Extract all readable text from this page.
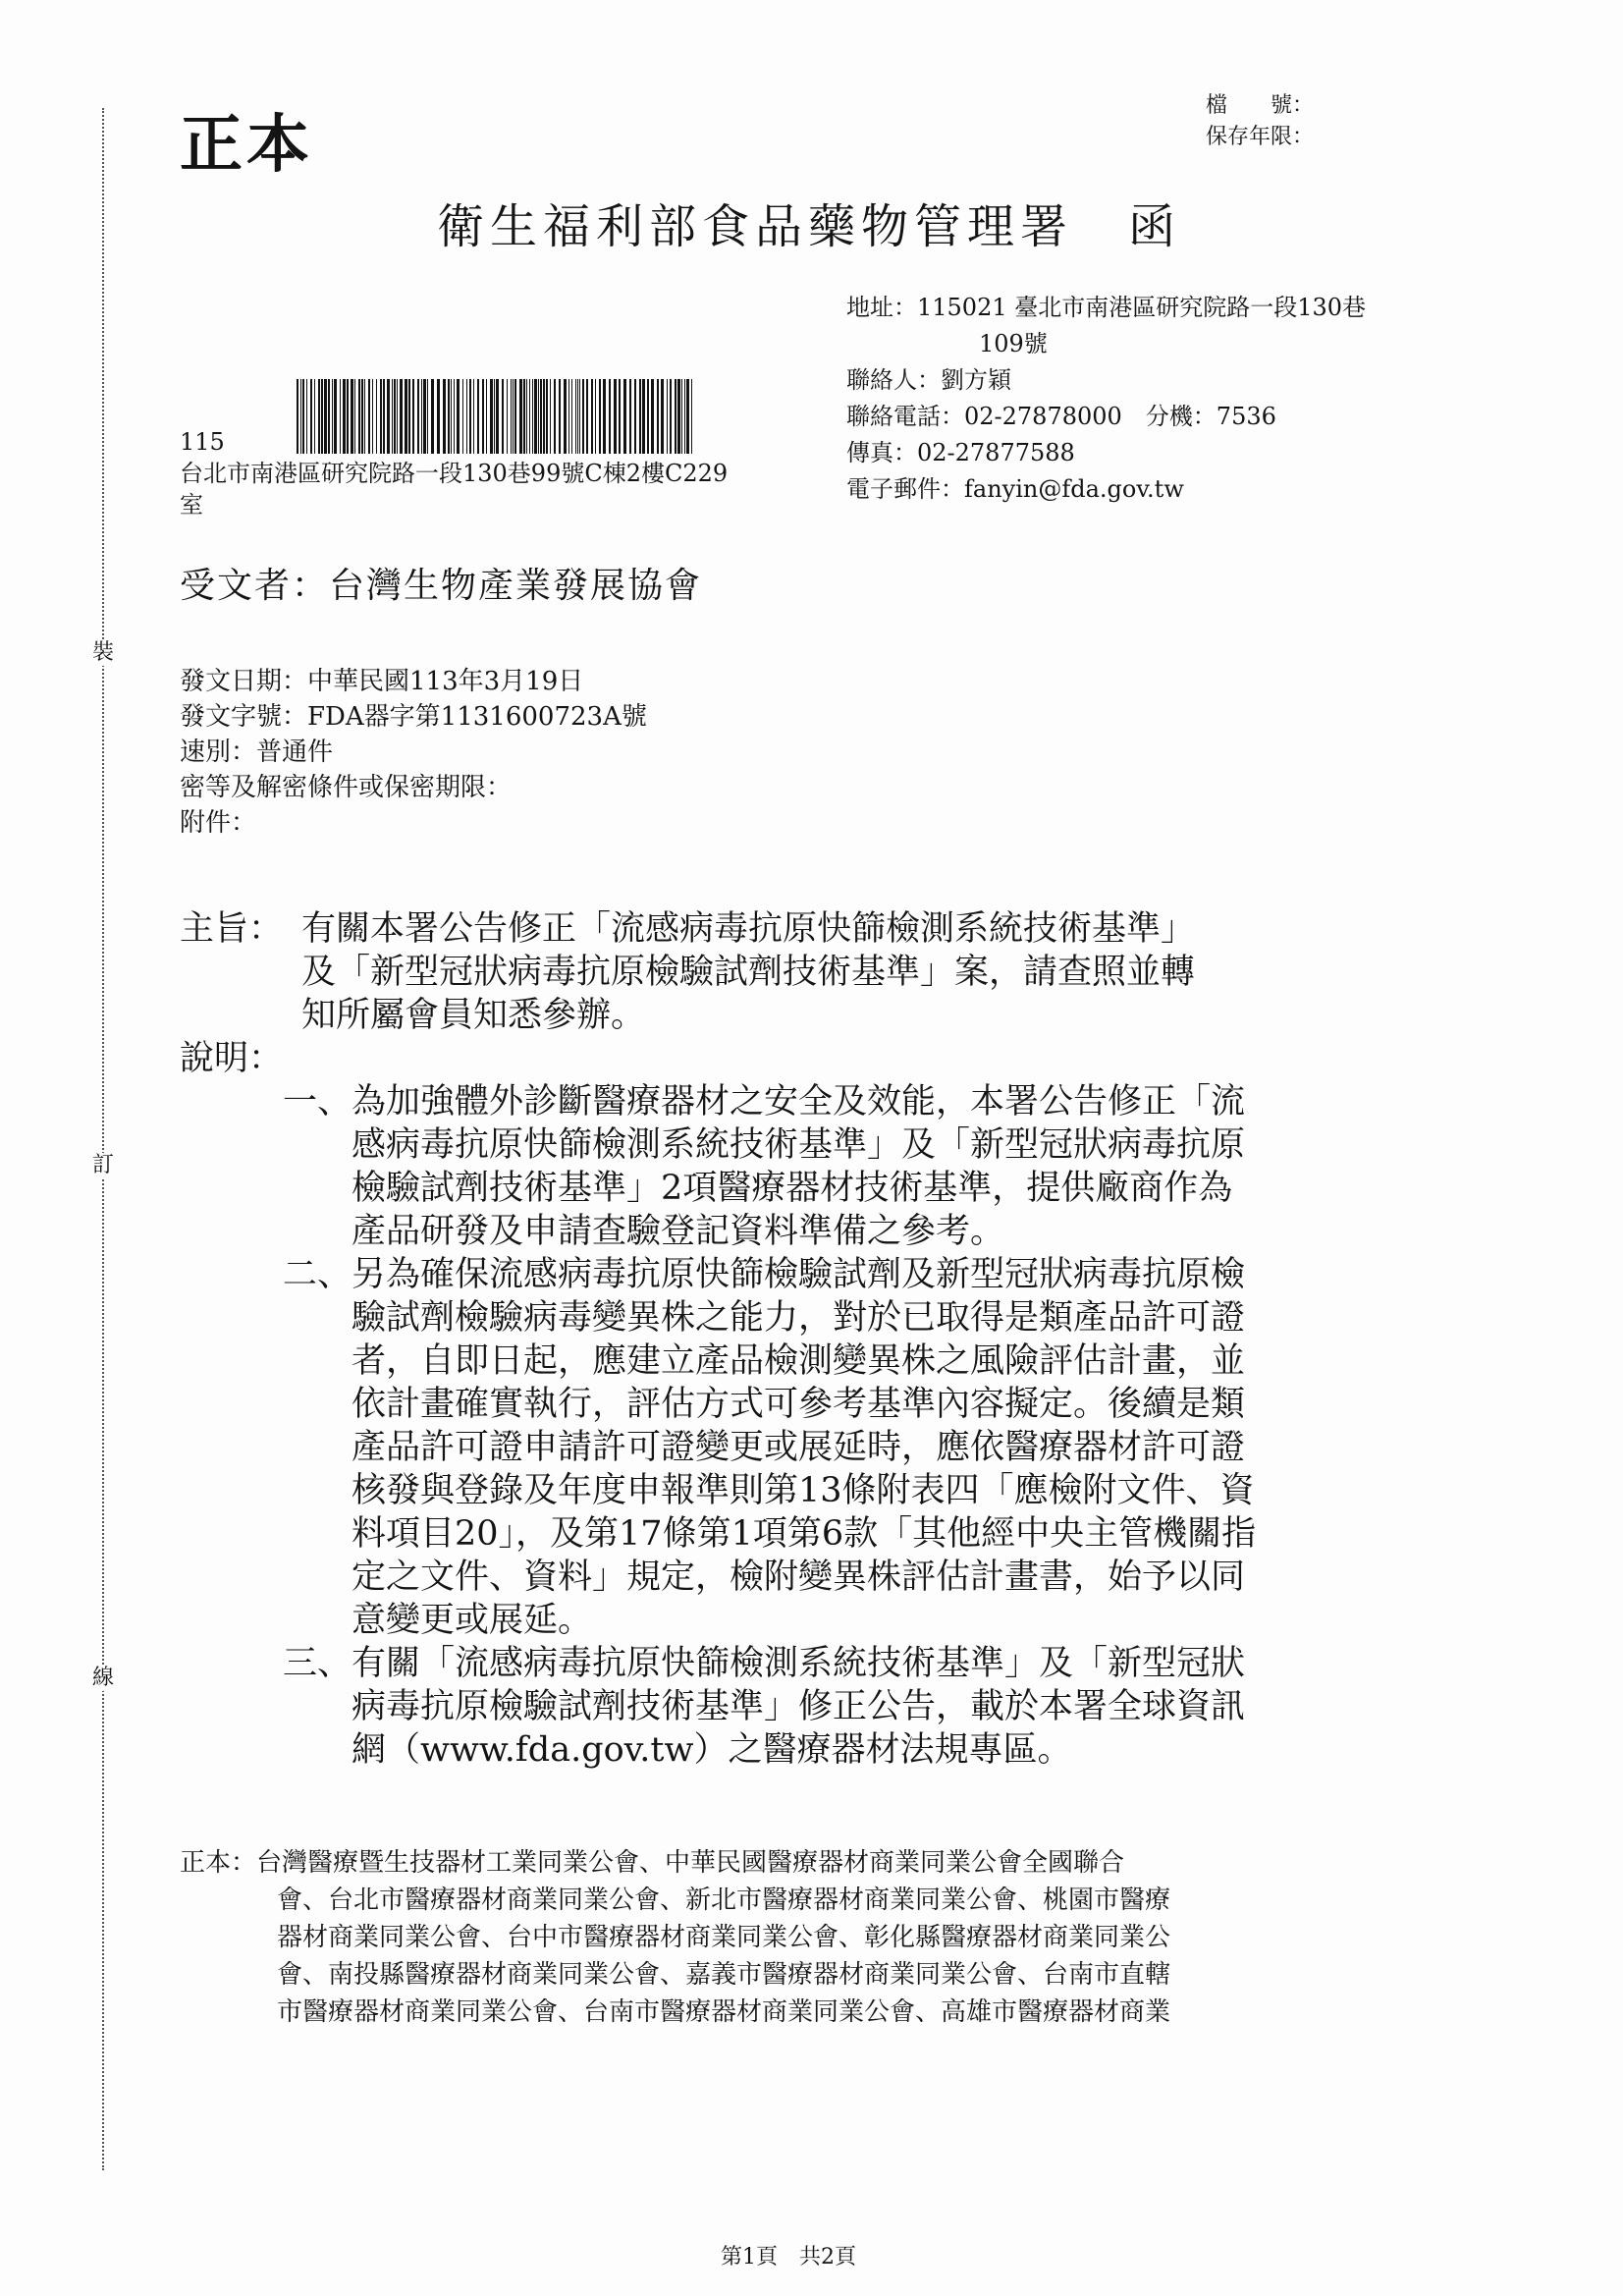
裝
訂
線
正本
檔　　號：
保存年限：
衛生福利部食品藥物管理署 函
地址：115021 臺北市南港區研究院路一段130巷
109號
聯絡人：劉方穎
聯絡電話：02-27878000　分機：7536
傳真：02-27877588
電子郵件：fanyin@fda.gov.tw
115
台北市南港區研究院路一段130巷99號C棟2樓C229
室
受文者：台灣生物產業發展協會
發文日期：中華民國113年3月19日
發文字號：FDA器字第1131600723A號
速別：普通件
密等及解密條件或保密期限：
附件：
主旨： 有關本署公告修正「流感病毒抗原快篩檢測系統技術基準」
及「新型冠狀病毒抗原檢驗試劑技術基準」案，請查照並轉
知所屬會員知悉參辦。
說明：
一、 為加強體外診斷醫療器材之安全及效能，本署公告修正「流
感病毒抗原快篩檢測系統技術基準」及「新型冠狀病毒抗原
檢驗試劑技術基準」2項醫療器材技術基準，提供廠商作為
產品研發及申請查驗登記資料準備之參考。
二、 另為確保流感病毒抗原快篩檢驗試劑及新型冠狀病毒抗原檢
驗試劑檢驗病毒變異株之能力，對於已取得是類產品許可證
者，自即日起，應建立產品檢測變異株之風險評估計畫，並
依計畫確實執行，評估方式可參考基準內容擬定。後續是類
產品許可證申請許可證變更或展延時，應依醫療器材許可證
核發與登錄及年度申報準則第13條附表四「應檢附文件、資
料項目20」，及第17條第1項第6款「其他經中央主管機關指
定之文件、資料」規定，檢附變異株評估計畫書，始予以同
意變更或展延。
三、 有關「流感病毒抗原快篩檢測系統技術基準」及「新型冠狀
病毒抗原檢驗試劑技術基準」修正公告，載於本署全球資訊
網（www.fda.gov.tw）之醫療器材法規專區。
正本：台灣醫療暨生技器材工業同業公會、中華民國醫療器材商業同業公會全國聯合
會、台北市醫療器材商業同業公會、新北市醫療器材商業同業公會、桃園市醫療
器材商業同業公會、台中市醫療器材商業同業公會、彰化縣醫療器材商業同業公
會、南投縣醫療器材商業同業公會、嘉義市醫療器材商業同業公會、台南市直轄
市醫療器材商業同業公會、台南市醫療器材商業同業公會、高雄市醫療器材商業
第1頁 共2頁
